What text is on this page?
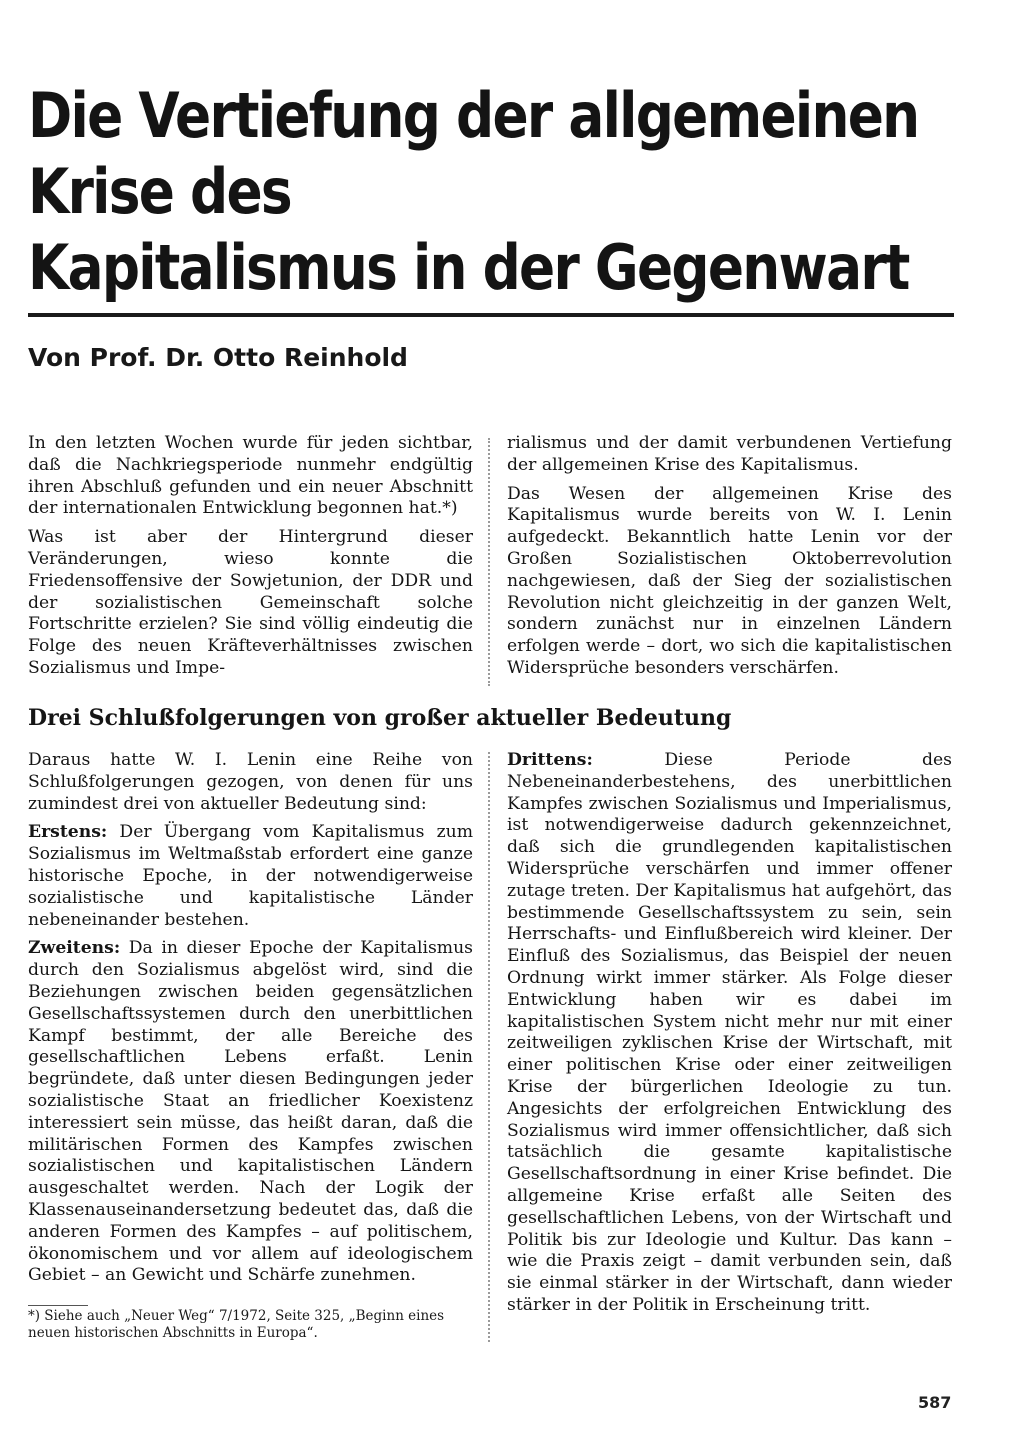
Die Vertiefung der allgemeinen
Krise des
Kapitalismus in der Gegenwart
Von Prof. Dr. Otto Reinhold

In den letzten Wochen wurde für jeden sichtbar, daß die Nachkriegsperiode nunmehr endgültig ihren Abschluß gefunden und ein neuer Abschnitt der internationalen Entwicklung begonnen hat.*)

Was ist aber der Hintergrund dieser Veränderungen, wieso konnte die Friedensoffensive der Sowjetunion, der DDR und der sozialistischen Gemeinschaft solche Fortschritte erzielen? Sie sind völlig eindeutig die Folge des neuen Kräfteverhältnisses zwischen Sozialismus und Impe-

rialismus und der damit verbundenen Vertiefung der allgemeinen Krise des Kapitalismus.

Das Wesen der allgemeinen Krise des Kapitalismus wurde bereits von W. I. Lenin aufgedeckt. Bekanntlich hatte Lenin vor der Großen Sozialistischen Oktoberrevolution nachgewiesen, daß der Sieg der sozialistischen Revolution nicht gleichzeitig in der ganzen Welt, sondern zunächst nur in einzelnen Ländern erfolgen werde – dort, wo sich die kapitalistischen Widersprüche besonders verschärfen.

Drei Schlußfolgerungen von großer aktueller Bedeutung

Daraus hatte W. I. Lenin eine Reihe von Schlußfolgerungen gezogen, von denen für uns zumindest drei von aktueller Bedeutung sind:

Erstens: Der Übergang vom Kapitalismus zum Sozialismus im Weltmaßstab erfordert eine ganze historische Epoche, in der notwendigerweise sozialistische und kapitalistische Länder nebeneinander bestehen.

Zweitens: Da in dieser Epoche der Kapitalismus durch den Sozialismus abgelöst wird, sind die Beziehungen zwischen beiden gegensätzlichen Gesellschaftssystemen durch den unerbittlichen Kampf bestimmt, der alle Bereiche des gesellschaftlichen Lebens erfaßt. Lenin begründete, daß unter diesen Bedingungen jeder sozialistische Staat an friedlicher Koexistenz interessiert sein müsse, das heißt daran, daß die militärischen Formen des Kampfes zwischen sozialistischen und kapitalistischen Ländern ausgeschaltet werden. Nach der Logik der Klassenauseinandersetzung bedeutet das, daß die anderen Formen des Kampfes – auf politischem, ökonomischem und vor allem auf ideologischem Gebiet – an Gewicht und Schärfe zunehmen.

Drittens: Diese Periode des Nebeneinanderbestehens, des unerbittlichen Kampfes zwischen Sozialismus und Imperialismus, ist notwendigerweise dadurch gekennzeichnet, daß sich die grundlegenden kapitalistischen Widersprüche verschärfen und immer offener zutage treten. Der Kapitalismus hat aufgehört, das bestimmende Gesellschaftssystem zu sein, sein Herrschafts- und Einflußbereich wird kleiner. Der Einfluß des Sozialismus, das Beispiel der neuen Ordnung wirkt immer stärker. Als Folge dieser Entwicklung haben wir es dabei im kapitalistischen System nicht mehr nur mit einer zeitweiligen zyklischen Krise der Wirtschaft, mit einer politischen Krise oder einer zeitweiligen Krise der bürgerlichen Ideologie zu tun. Angesichts der erfolgreichen Entwicklung des Sozialismus wird immer offensichtlicher, daß sich tatsächlich die gesamte kapitalistische Gesellschaftsordnung in einer Krise befindet. Die allgemeine Krise erfaßt alle Seiten des gesellschaftlichen Lebens, von der Wirtschaft und Politik bis zur Ideologie und Kultur. Das kann – wie die Praxis zeigt – damit verbunden sein, daß sie einmal stärker in der Wirtschaft, dann wieder stärker in der Politik in Erscheinung tritt.

*) Siehe auch „Neuer Weg“ 7/1972, Seite 325, „Beginn eines neuen historischen Abschnitts in Europa“.
587
